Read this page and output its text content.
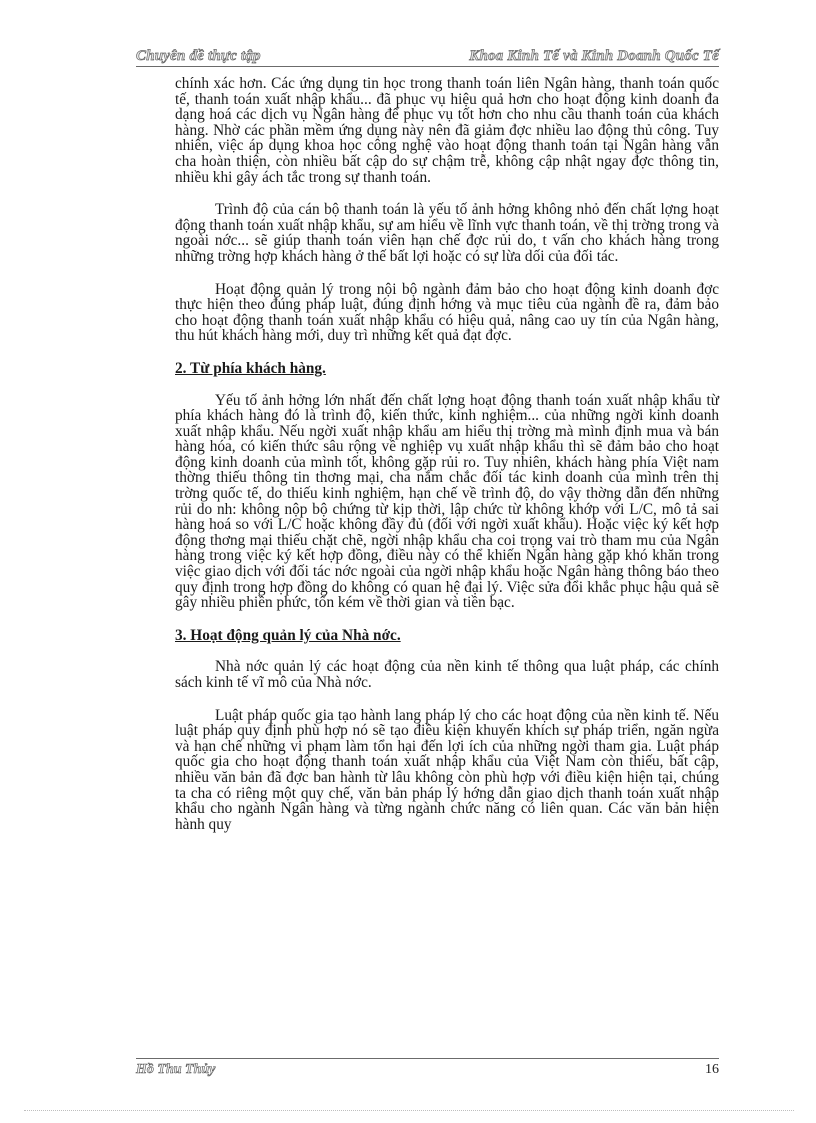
Chuyên đề thực tập	Khoa Kinh Tế và Kinh Doanh Quốc Tế

chính xác hơn. Các ứng dụng tin học trong thanh toán liên Ngân hàng, thanh toán quốc tế, thanh toán xuất nhập khẩu... đã phục vụ hiệu quả hơn cho hoạt động kinh doanh đa dạng hoá các dịch vụ Ngân hàng để phục vụ tốt hơn cho nhu cầu thanh toán của khách hàng. Nhờ các phần mềm ứng dụng này nên đã giảm đợc nhiều lao động thủ công. Tuy nhiên, việc áp dụng khoa học công nghệ vào hoạt động thanh toán tại Ngân hàng vẫn cha hoàn thiện, còn nhiều bất cập do sự chậm trễ, không cập nhật ngay đợc thông tin, nhiều khi gây ách tắc trong sự thanh toán.

Trình độ của cán bộ thanh toán là yếu tố ảnh hởng không nhỏ đến chất lợng hoạt động thanh toán xuất nhập khẩu, sự am hiểu về lĩnh vực thanh toán, về thị trờng trong và ngoài nớc... sẽ giúp thanh toán viên hạn chế đợc rủi do, t vấn cho khách hàng trong những trờng hợp khách hàng ở thế bất lợi hoặc có sự lừa dối của đối tác.

Hoạt động quản lý trong nội bộ ngành đảm bảo cho hoạt động kinh doanh đợc thực hiện theo đúng pháp luật, đúng định hớng và mục tiêu của ngành đề ra, đảm bảo cho hoạt động thanh toán xuất nhập khẩu có hiệu quả, nâng cao uy tín của Ngân hàng, thu hút khách hàng mới, duy trì những kết quả đạt đợc.

2. Từ phía khách hàng.

Yếu tố ảnh hởng lớn nhất đến chất lợng hoạt động thanh toán xuất nhập khẩu từ phía khách hàng đó là trình độ, kiến thức, kinh nghiệm... của những ngời kinh doanh xuất nhập khẩu. Nếu ngời xuất nhập khẩu am hiểu thị trờng mà mình định mua và bán hàng hóa, có kiến thức sâu rộng về nghiệp vụ xuất nhập khẩu thì sẽ đảm bảo cho hoạt động kinh doanh của mình tốt, không gặp rủi ro. Tuy nhiên, khách hàng phía Việt nam thờng thiếu thông tin thơng mại, cha nắm chắc đối tác kinh doanh của mình trên thị trờng quốc tế, do thiếu kinh nghiệm, hạn chế về trình độ, do vậy thờng dẫn đến những rủi do nh: không nộp bộ chứng từ kịp thời, lập chức từ không khớp với L/C, mô tả sai hàng hoá so với L/C hoặc không đầy đủ (đối với ngời xuất khẩu). Hoặc việc ký kết hợp động thơng mại thiếu chặt chẽ, ngời nhập khẩu cha coi trọng vai trò tham mu của Ngân hàng trong việc ký kết hợp đồng, điều này có thể khiến Ngân hàng gặp khó khăn trong việc giao dịch với đối tác nớc ngoài của ngời nhập khẩu hoặc Ngân hàng thông báo theo quy định trong hợp đồng do không có quan hệ đại lý. Việc sửa đổi khắc phục hậu quả sẽ gây nhiều phiền phức, tốn kém về thời gian và tiền bạc.

3. Hoạt động quản lý của Nhà nớc.

Nhà nớc quản lý các hoạt động của nền kinh tế thông qua luật pháp, các chính sách kinh tế vĩ mô của Nhà nớc.

Luật pháp quốc gia tạo hành lang pháp lý cho các hoạt động của nền kinh tế. Nếu luật pháp quy định phù hợp nó sẽ tạo điều kiện khuyến khích sự pháp triển, ngăn ngừa và hạn chế những vi phạm làm tổn hại đến lợi ích của những ngời tham gia. Luật pháp quốc gia cho hoạt động thanh toán xuất nhập khẩu của Việt Nam còn thiếu, bất cập, nhiều văn bản đã đợc ban hành từ lâu không còn phù hợp với điều kiện hiện tại, chúng ta cha có riêng một quy chế, văn bản pháp lý hớng dẫn giao dịch thanh toán xuất nhập khẩu cho ngành Ngân hàng và từng ngành chức năng có liên quan. Các văn bản hiện hành quy

Hồ Thu Thủy	16
